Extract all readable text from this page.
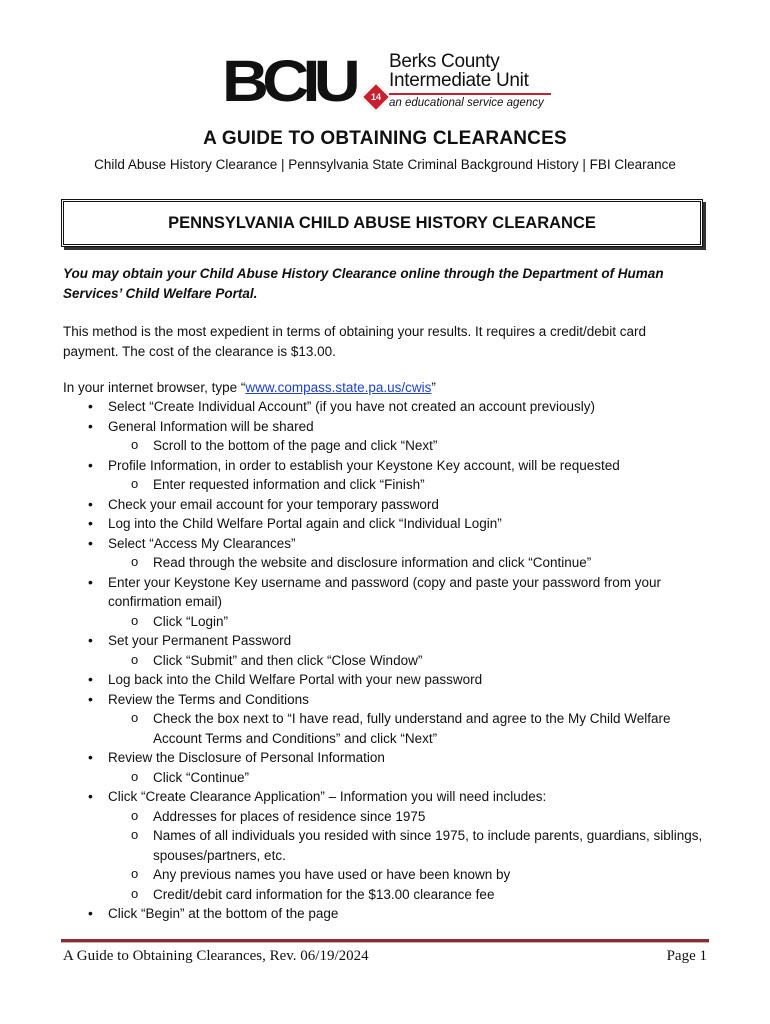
BCIU	14
Berks County
Intermediate Unit
an educational service agency
A GUIDE TO OBTAINING CLEARANCES
Child Abuse History Clearance | Pennsylvania State Criminal Background History | FBI Clearance
PENNSYLVANIA CHILD ABUSE HISTORY CLEARANCE
You may obtain your Child Abuse History Clearance online through the Department of Human Services’ Child Welfare Portal.
This method is the most expedient in terms of obtaining your results. It requires a credit/debit card payment. The cost of the clearance is $13.00.
In your internet browser, type “www.compass.state.pa.us/cwis”
• Select “Create Individual Account” (if you have not created an account previously)
• General Information will be shared
o Scroll to the bottom of the page and click “Next”
• Profile Information, in order to establish your Keystone Key account, will be requested
o Enter requested information and click “Finish”
• Check your email account for your temporary password
• Log into the Child Welfare Portal again and click “Individual Login”
• Select “Access My Clearances”
o Read through the website and disclosure information and click “Continue”
• Enter your Keystone Key username and password (copy and paste your password from your confirmation email)
o Click “Login”
• Set your Permanent Password
o Click “Submit” and then click “Close Window”
• Log back into the Child Welfare Portal with your new password
• Review the Terms and Conditions
o Check the box next to “I have read, fully understand and agree to the My Child Welfare Account Terms and Conditions” and click “Next”
• Review the Disclosure of Personal Information
o Click “Continue”
• Click “Create Clearance Application” – Information you will need includes:
o Addresses for places of residence since 1975
o Names of all individuals you resided with since 1975, to include parents, guardians, siblings, spouses/partners, etc.
o Any previous names you have used or have been known by
o Credit/debit card information for the $13.00 clearance fee
• Click “Begin” at the bottom of the page
A Guide to Obtaining Clearances, Rev. 06/19/2024	Page 1
